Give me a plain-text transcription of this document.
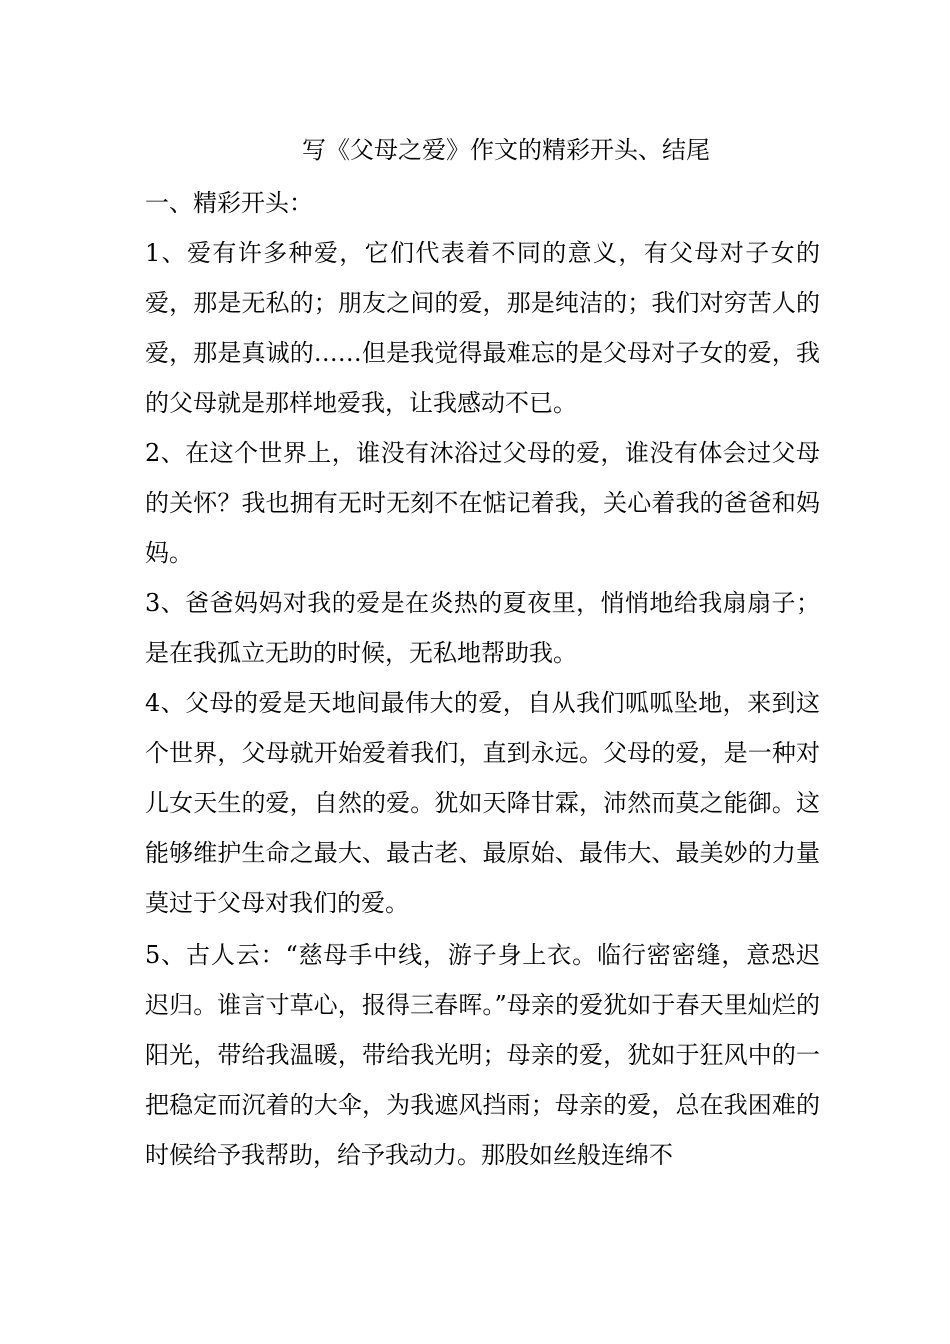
写《父母之爱》作文的精彩开头、结尾
一、精彩开头：
1、爱有许多种爱，它们代表着不同的意义，有父母对子女的爱，那是无私的；朋友之间的爱，那是纯洁的；我们对穷苦人的爱，那是真诚的……但是我觉得最难忘的是父母对子女的爱，我的父母就是那样地爱我，让我感动不已。
2、在这个世界上，谁没有沐浴过父母的爱，谁没有体会过父母的关怀？我也拥有无时无刻不在惦记着我，关心着我的爸爸和妈妈。
3、爸爸妈妈对我的爱是在炎热的夏夜里，悄悄地给我扇扇子；是在我孤立无助的时候，无私地帮助我。
4、父母的爱是天地间最伟大的爱，自从我们呱呱坠地，来到这个世界，父母就开始爱着我们，直到永远。父母的爱，是一种对儿女天生的爱，自然的爱。犹如天降甘霖，沛然而莫之能御。这能够维护生命之最大、最古老、最原始、最伟大、最美妙的力量莫过于父母对我们的爱。
5、古人云：“慈母手中线，游子身上衣。临行密密缝，意恐迟迟归。谁言寸草心，报得三春晖。”母亲的爱犹如于春天里灿烂的阳光，带给我温暖，带给我光明；母亲的爱，犹如于狂风中的一把稳定而沉着的大伞，为我遮风挡雨；母亲的爱，总在我困难的时候给予我帮助，给予我动力。那股如丝般连绵不
